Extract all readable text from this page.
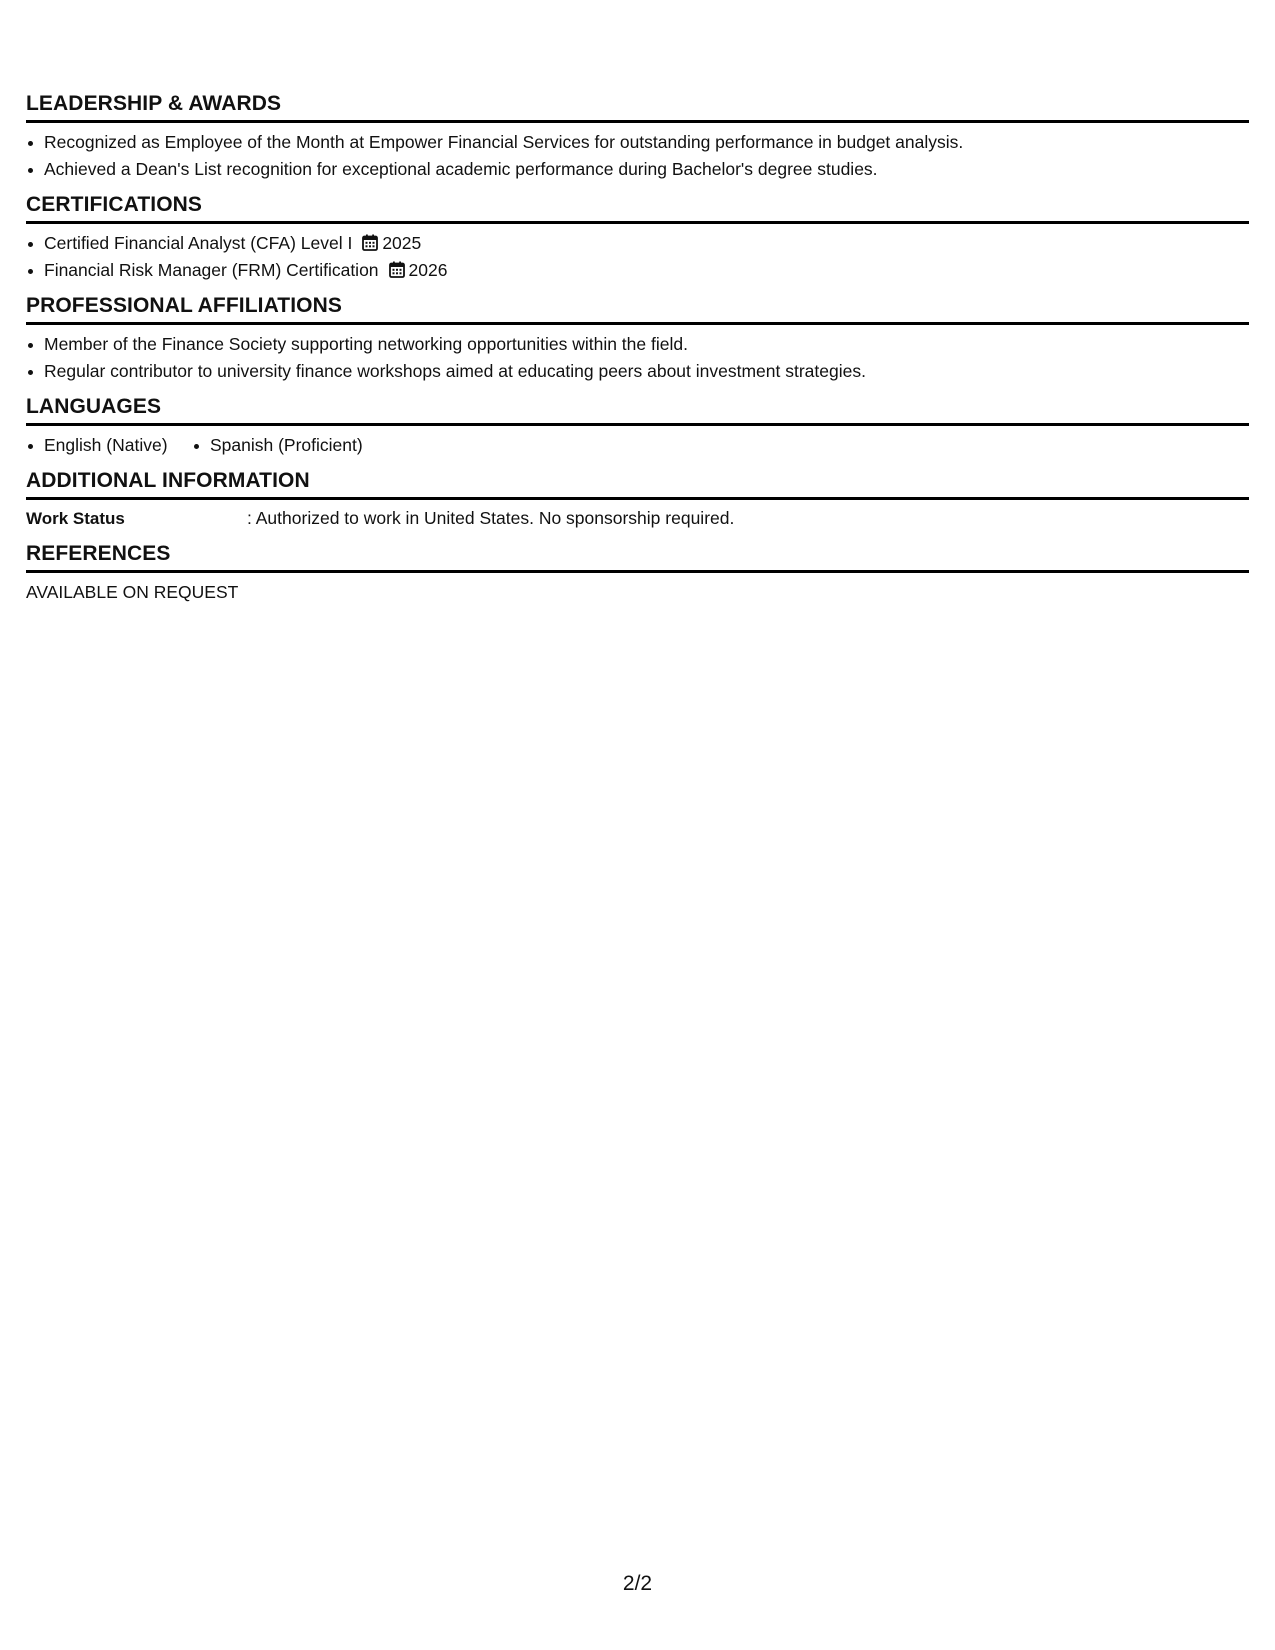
LEADERSHIP & AWARDS
Recognized as Employee of the Month at Empower Financial Services for outstanding performance in budget analysis.
Achieved a Dean's List recognition for exceptional academic performance during Bachelor's degree studies.
CERTIFICATIONS
Certified Financial Analyst (CFA) Level I 2025
Financial Risk Manager (FRM) Certification 2026
PROFESSIONAL AFFILIATIONS
Member of the Finance Society supporting networking opportunities within the field.
Regular contributor to university finance workshops aimed at educating peers about investment strategies.
LANGUAGES
English (Native) Spanish (Proficient)
ADDITIONAL INFORMATION
Work Status	: Authorized to work in United States. No sponsorship required.
REFERENCES
AVAILABLE ON REQUEST
2/2
